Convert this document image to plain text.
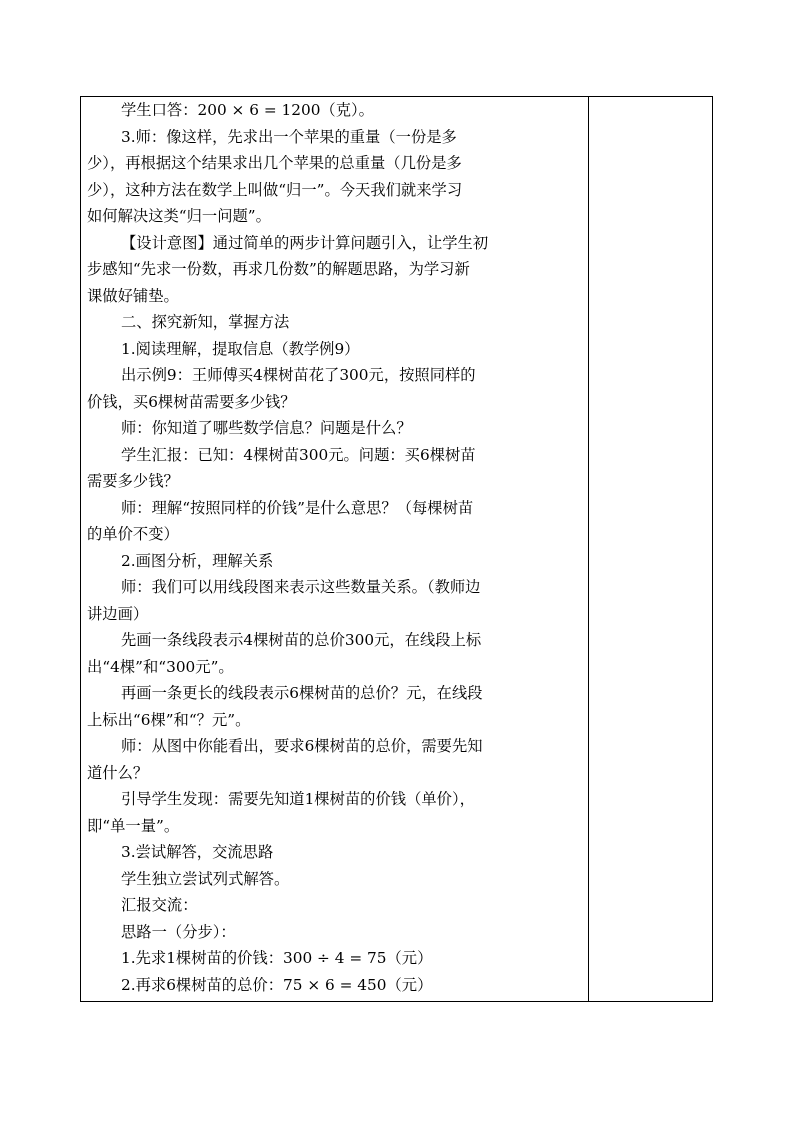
学生口答：200 × 6 = 1200（克）。
3.师：像这样，先求出一个苹果的重量（一份是多
少），再根据这个结果求出几个苹果的总重量（几份是多
少），这种方法在数学上叫做“归一”。今天我们就来学习
如何解决这类“归一问题”。
【设计意图】通过简单的两步计算问题引入，让学生初
步感知“先求一份数，再求几份数”的解题思路，为学习新
课做好铺垫。
二、探究新知，掌握方法
1.阅读理解，提取信息（教学例9）
出示例9：王师傅买4棵树苗花了300元，按照同样的
价钱，买6棵树苗需要多少钱？
师：你知道了哪些数学信息？问题是什么？
学生汇报：已知：4棵树苗300元。问题：买6棵树苗
需要多少钱？
师：理解“按照同样的价钱”是什么意思？（每棵树苗
的单价不变）
2.画图分析，理解关系
师：我们可以用线段图来表示这些数量关系。（教师边
讲边画）
先画一条线段表示4棵树苗的总价300元，在线段上标
出“4棵”和“300元”。
再画一条更长的线段表示6棵树苗的总价？元，在线段
上标出“6棵”和“？元”。
师：从图中你能看出，要求6棵树苗的总价，需要先知
道什么？
引导学生发现：需要先知道1棵树苗的价钱（单价），
即“单一量”。
3.尝试解答，交流思路
学生独立尝试列式解答。
汇报交流：
思路一（分步）：
1.先求1棵树苗的价钱：300 ÷ 4 = 75（元）
2.再求6棵树苗的总价：75 × 6 = 450（元）
